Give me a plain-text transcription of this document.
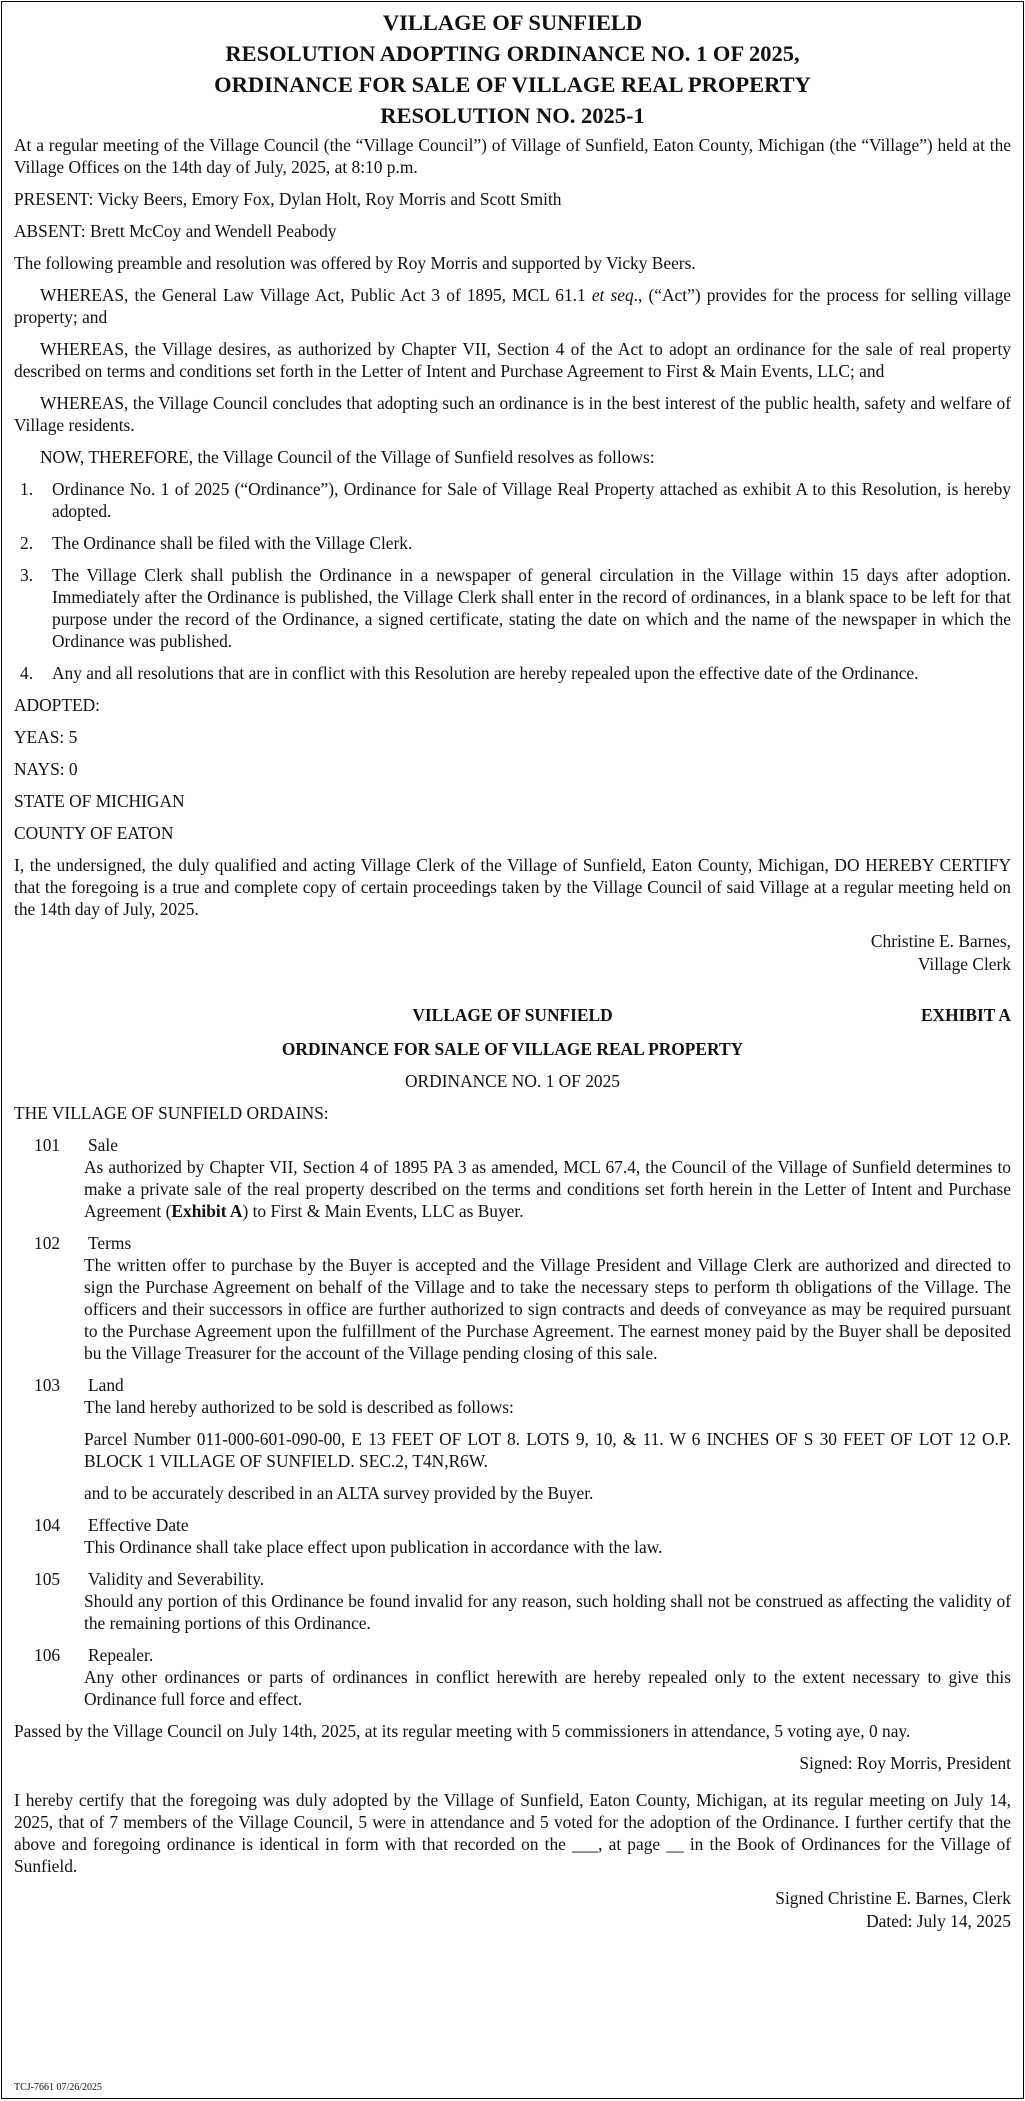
VILLAGE OF SUNFIELD
RESOLUTION ADOPTING ORDINANCE NO. 1 OF 2025,
ORDINANCE FOR SALE OF VILLAGE REAL PROPERTY
RESOLUTION NO. 2025-1

At a regular meeting of the Village Council (the “Village Council”) of Village of Sunfield, Eaton County, Michigan (the “Village”) held at the Village Offices on the 14th day of July, 2025, at 8:10 p.m.

PRESENT: Vicky Beers, Emory Fox, Dylan Holt, Roy Morris and Scott Smith

ABSENT: Brett McCoy and Wendell Peabody

The following preamble and resolution was offered by Roy Morris and supported by Vicky Beers.

WHEREAS, the General Law Village Act, Public Act 3 of 1895, MCL 61.1 et seq., (“Act”) provides for the process for selling village property; and

WHEREAS, the Village desires, as authorized by Chapter VII, Section 4 of the Act to adopt an ordinance for the sale of real property described on terms and conditions set forth in the Letter of Intent and Purchase Agreement to First & Main Events, LLC; and

WHEREAS, the Village Council concludes that adopting such an ordinance is in the best interest of the public health, safety and welfare of Village residents.

NOW, THEREFORE, the Village Council of the Village of Sunfield resolves as follows:

1. Ordinance No. 1 of 2025 (“Ordinance”), Ordinance for Sale of Village Real Property attached as exhibit A to this Resolution, is hereby adopted.
2. The Ordinance shall be filed with the Village Clerk.
3. The Village Clerk shall publish the Ordinance in a newspaper of general circulation in the Village within 15 days after adoption. Immediately after the Ordinance is published, the Village Clerk shall enter in the record of ordinances, in a blank space to be left for that purpose under the record of the Ordinance, a signed certificate, stating the date on which and the name of the newspaper in which the Ordinance was published.
4. Any and all resolutions that are in conflict with this Resolution are hereby repealed upon the effective date of the Ordinance.

ADOPTED:

YEAS: 5

NAYS: 0

STATE OF MICHIGAN

COUNTY OF EATON

I, the undersigned, the duly qualified and acting Village Clerk of the Village of Sunfield, Eaton County, Michigan, DO HEREBY CERTIFY that the foregoing is a true and complete copy of certain proceedings taken by the Village Council of said Village at a regular meeting held on the 14th day of July, 2025.

Christine E. Barnes,
Village Clerk
VILLAGE OF SUNFIELD	EXHIBIT A
ORDINANCE FOR SALE OF VILLAGE REAL PROPERTY
ORDINANCE NO. 1 OF 2025

THE VILLAGE OF SUNFIELD ORDAINS:

101	Sale

As authorized by Chapter VII, Section 4 of 1895 PA 3 as amended, MCL 67.4, the Council of the Village of Sunfield determines to make a private sale of the real property described on the terms and conditions set forth herein in the Letter of Intent and Purchase Agreement (Exhibit A) to First & Main Events, LLC as Buyer.

102	Terms

The written offer to purchase by the Buyer is accepted and the Village President and Village Clerk are authorized and directed to sign the Purchase Agreement on behalf of the Village and to take the necessary steps to perform th obligations of the Village. The officers and their successors in office are further authorized to sign contracts and deeds of conveyance as may be required pursuant to the Purchase Agreement upon the fulfillment of the Purchase Agreement. The earnest money paid by the Buyer shall be deposited bu the Village Treasurer for the account of the Village pending closing of this sale.

103	Land

The land hereby authorized to be sold is described as follows:

Parcel Number 011-000-601-090-00, E 13 FEET OF LOT 8. LOTS 9, 10, & 11. W 6 INCHES OF S 30 FEET OF LOT 12 O.P. BLOCK 1 VILLAGE OF SUNFIELD. SEC.2, T4N,R6W.

and to be accurately described in an ALTA survey provided by the Buyer.

104	Effective Date

This Ordinance shall take place effect upon publication in accordance with the law.

105	Validity and Severability.

Should any portion of this Ordinance be found invalid for any reason, such holding shall not be construed as affecting the validity of the remaining portions of this Ordinance.

106	Repealer.

Any other ordinances or parts of ordinances in conflict herewith are hereby repealed only to the extent necessary to give this Ordinance full force and effect.

Passed by the Village Council on July 14th, 2025, at its regular meeting with 5 commissioners in attendance, 5 voting aye, 0 nay.

Signed: Roy Morris, President

I hereby certify that the foregoing was duly adopted by the Village of Sunfield, Eaton County, Michigan, at its regular meeting on July 14, 2025, that of 7 members of the Village Council, 5 were in attendance and 5 voted for the adoption of the Ordinance. I further certify that the above and foregoing ordinance is identical in form with that recorded on the ___, at page __ in the Book of Ordinances for the Village of Sunfield.

Signed Christine E. Barnes, Clerk
Dated: July 14, 2025
TCJ-7661 07/26/2025
